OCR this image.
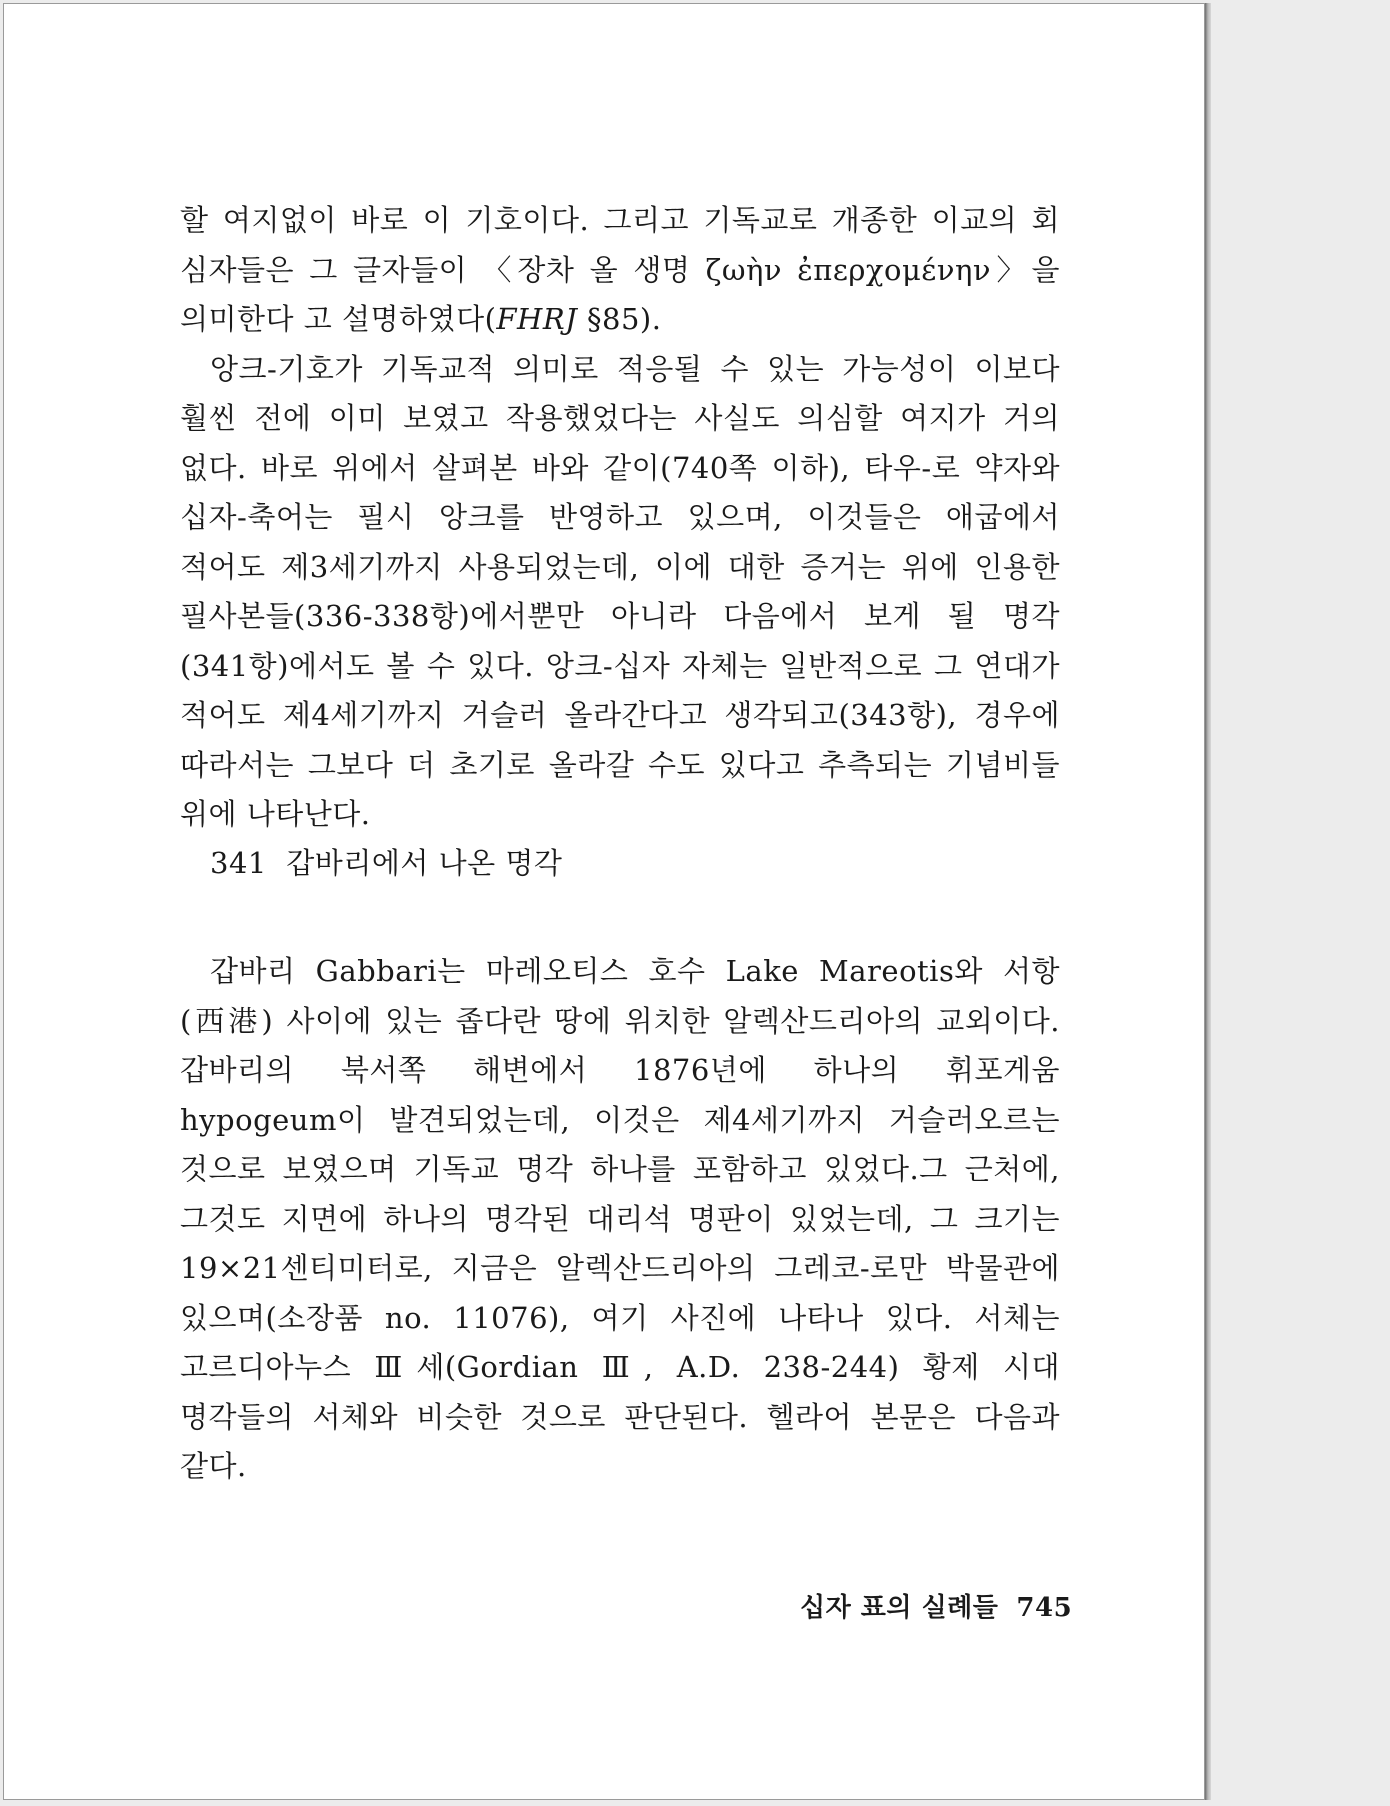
할 여지없이 바로 이 기호이다. 그리고 기독교로 개종한 이교의 회 심자들은 그 글자들이 〈장차 올 생명 ζωὴν ἐπερχομένην〉을 의미한다 고 설명하였다(FHRJ §85).

앙크-기호가 기독교적 의미로 적응될 수 있는 가능성이 이보다 훨씬 전에 이미 보였고 작용했었다는 사실도 의심할 여지가 거의 없다. 바로 위에서 살펴본 바와 같이(740쪽 이하), 타우-로 약자와 십자-축어는 필시 앙크를 반영하고 있으며, 이것들은 애굽에서 적어도 제3세기까지 사용되었는데, 이에 대한 증거는 위에 인용한 필사본들(336-338항)에서뿐만 아니라 다음에서 보게 될 명각(341항)에서도 볼 수 있다. 앙크-십자 자체는 일반적으로 그 연대가 적어도 제4세기까지 거슬러 올라간다고 생각되고(343항), 경우에 따라서는 그보다 더 초기로 올라갈 수도 있다고 추측되는 기념비들 위에 나타난다.

341 갑바리에서 나온 명각

갑바리 Gabbari는 마레오티스 호수 Lake Mareotis와 서항(西港) 사이에 있는 좁다란 땅에 위치한 알렉산드리아의 교외이다. 갑바리의 북서쪽 해변에서 1876년에 하나의 휘포게움 hypogeum이 발견되었는데, 이것은 제4세기까지 거슬러오르는 것으로 보였으며 기독교 명각 하나를 포함하고 있었다.그 근처에, 그것도 지면에 하나의 명각된 대리석 명판이 있었는데, 그 크기는 19×21센티미터로, 지금은 알렉산드리아의 그레코-로만 박물관에 있으며(소장품 no. 11076), 여기 사진에 나타나 있다. 서체는 고르디아누스 Ⅲ세(Gordian Ⅲ, A.D. 238-244) 황제 시대 명각들의 서체와 비슷한 것으로 판단된다. 헬라어 본문은 다음과 같다.

십자 표의 실례들 745
